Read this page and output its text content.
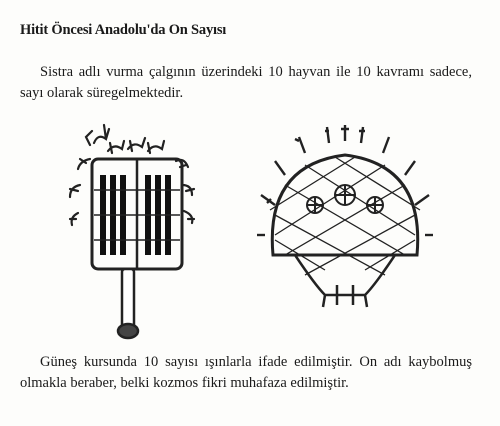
Hitit Öncesi Anadolu'da On Sayısı

Sistra adlı vurma çalgının üzerindeki 10 hayvan ile 10 kavramı sadece, sayı olarak süregelmektedir.

Güneş kursunda 10 sayısı ışınlarla ifade edilmiştir. On adı kaybolmuş olmakla beraber, belki kozmos fikri muhafaza edilmiştir.
